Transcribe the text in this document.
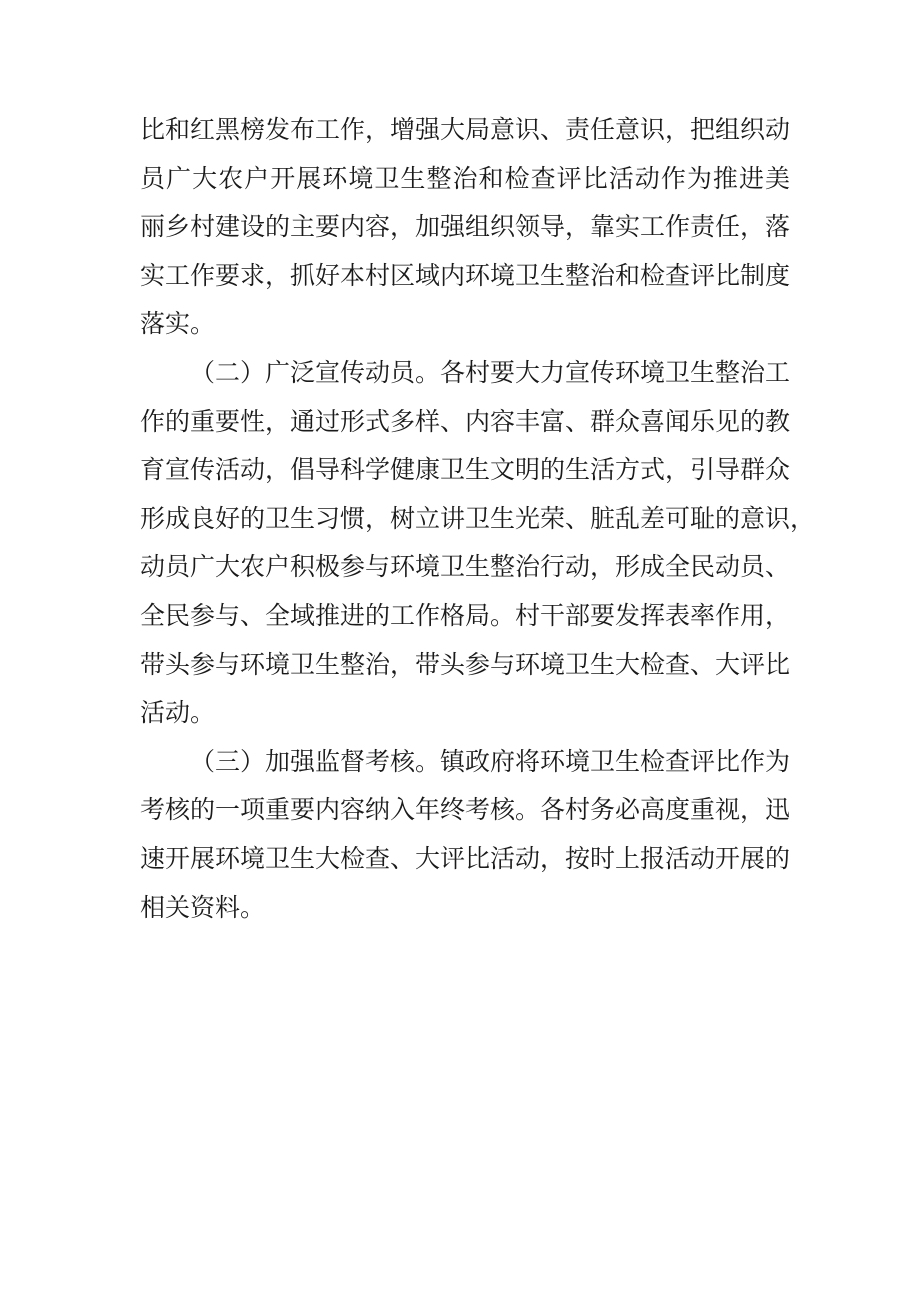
比和红黑榜发布工作，增强大局意识、责任意识，把组织动
员广大农户开展环境卫生整治和检查评比活动作为推进美
丽乡村建设的主要内容，加强组织领导，靠实工作责任，落
实工作要求，抓好本村区域内环境卫生整治和检查评比制度
落实。
（二）广泛宣传动员。各村要大力宣传环境卫生整治工
作的重要性，通过形式多样、内容丰富、群众喜闻乐见的教
育宣传活动，倡导科学健康卫生文明的生活方式，引导群众
形成良好的卫生习惯，树立讲卫生光荣、脏乱差可耻的意识，
动员广大农户积极参与环境卫生整治行动，形成全民动员、
全民参与、全域推进的工作格局。村干部要发挥表率作用，
带头参与环境卫生整治，带头参与环境卫生大检查、大评比
活动。
（三）加强监督考核。镇政府将环境卫生检查评比作为
考核的一项重要内容纳入年终考核。各村务必高度重视，迅
速开展环境卫生大检查、大评比活动，按时上报活动开展的
相关资料。
